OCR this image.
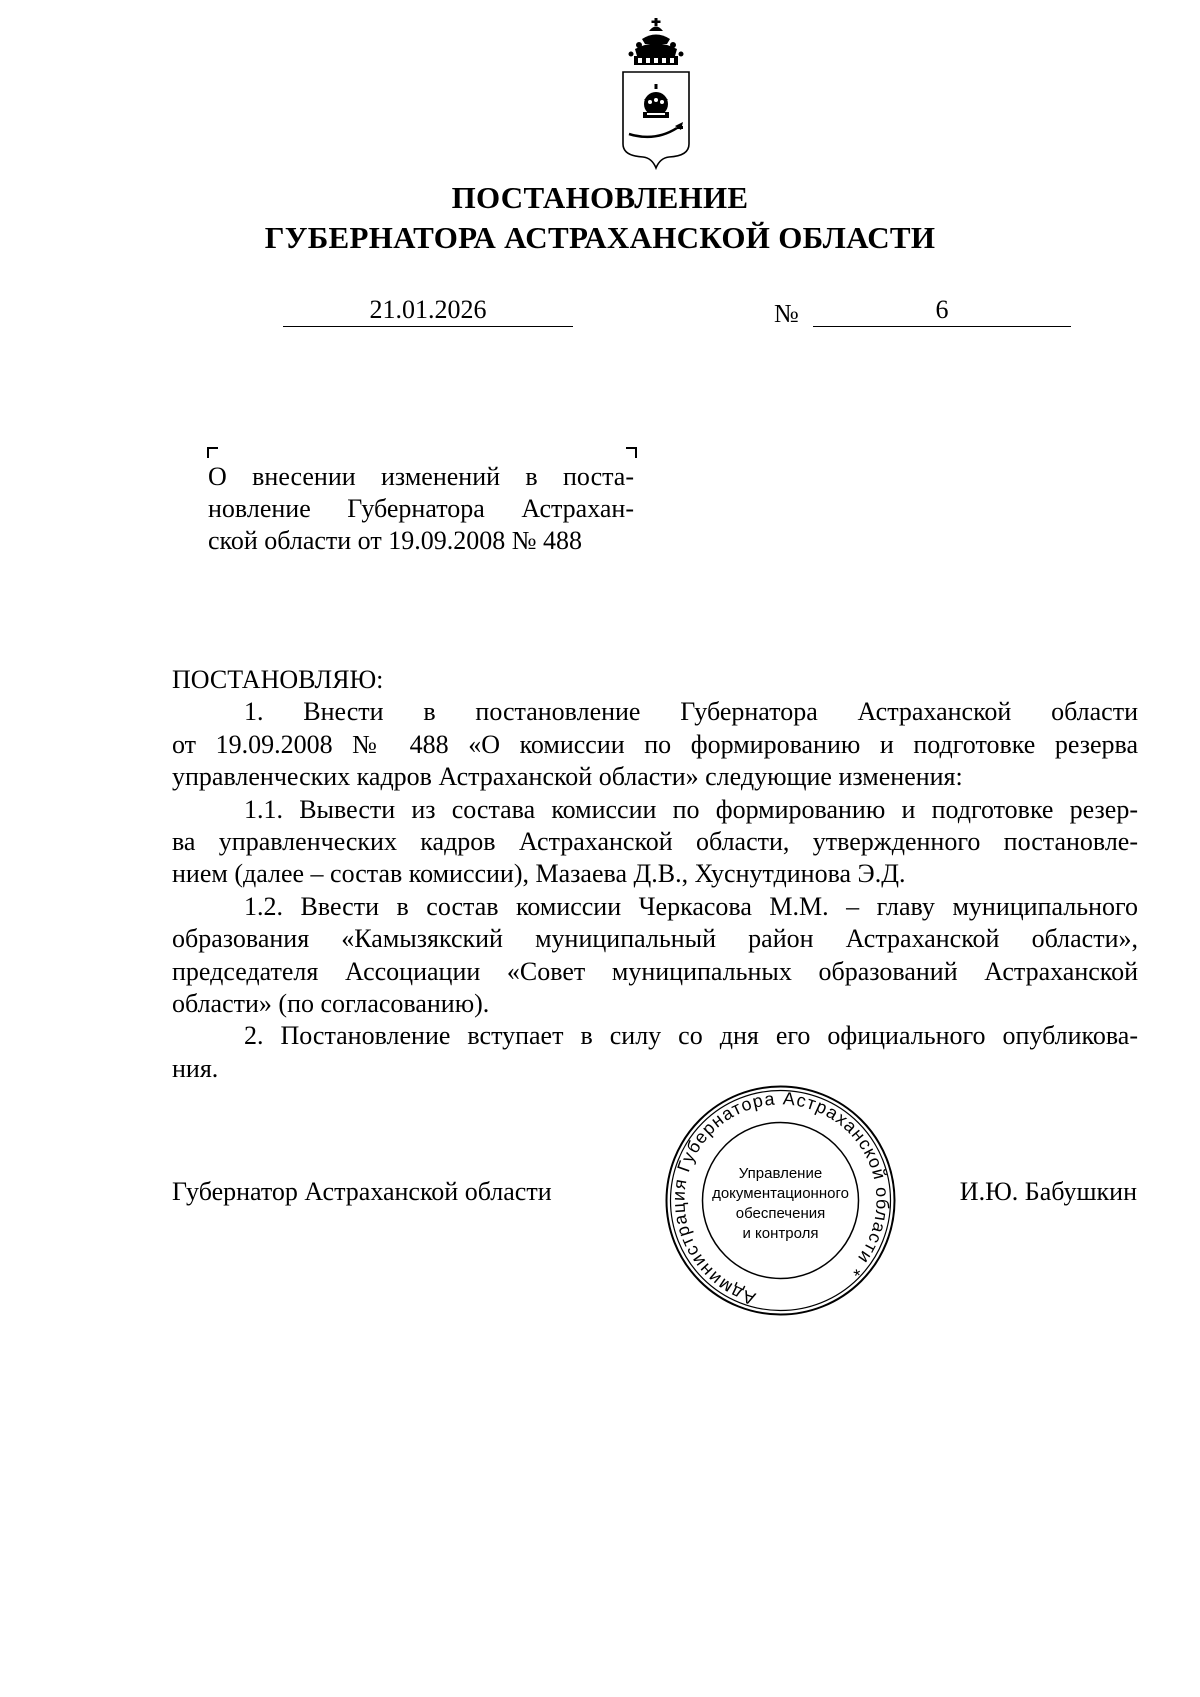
ПОСТАНОВЛЕНИЕ
ГУБЕРНАТОРА АСТРАХАНСКОЙ ОБЛАСТИ
21.01.2026	№	6
О внесении изменений в поста-
новление Губернатора Астрахан-
ской области от 19.09.2008 № 488
ПОСТАНОВЛЯЮ:
1. Внести в постановление Губернатора Астраханской области
от 19.09.2008 № 488 «О комиссии по формированию и подготовке резерва
управленческих кадров Астраханской области» следующие изменения:
1.1. Вывести из состава комиссии по формированию и подготовке резер-
ва управленческих кадров Астраханской области, утвержденного постановле-
нием (далее – состав комиссии), Мазаева Д.В., Хуснутдинова Э.Д.
1.2. Ввести в состав комиссии Черкасова М.М. – главу муниципального
образования «Камызякский муниципальный район Астраханской области»,
председателя Ассоциации «Совет муниципальных образований Астраханской
области» (по согласованию).
2. Постановление вступает в силу со дня его официального опубликова-
ния.
Губернатор Астраханской области	И.Ю. Бабушкин
Администрация Губернатора Астраханской области *
Управление
документационного
обеспечения
и контроля
